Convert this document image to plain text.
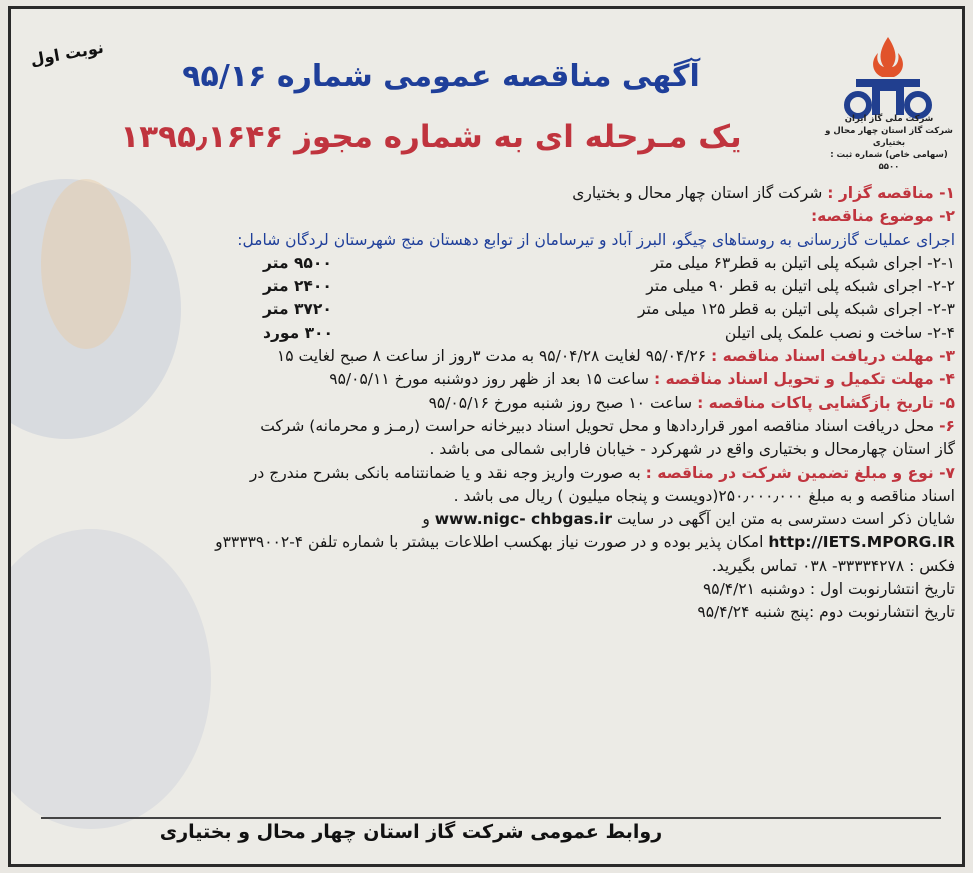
نوبت اول
شرکت ملی گاز ایران
شرکت گاز استان چهار محال و بختیاری
(سهامی خاص) شماره ثبت : ۵۵۰۰
آگهی مناقصه عمومی شماره ۹۵/۱۶
یک مـرحله ای به شماره مجوز ۱۳۹۵٫۱۶۴۶
۱- مناقصه گزار : شرکت گاز استان چهار محال و بختیاری
۲- موضوع مناقصه:
اجرای عملیات گازرسانی به روستاهای چیگو، البرز آباد و تیرسامان از توابع دهستان منج شهرستان لردگان شامل:
۲-۱- اجرای شبکه پلی اتیلن به قطر۶۳ میلی متر
۹۵۰۰ متر
۲-۲- اجرای شبکه پلی اتیلن به قطر ۹۰ میلی متر
۲۴۰۰ متر
۲-۳- اجرای شبکه پلی اتیلن به قطر ۱۲۵ میلی متر
۳۷۲۰ متر
۲-۴- ساخت و نصب علمک پلی اتیلن
۳۰۰ مورد
۳- مهلت دریافت اسناد مناقصه : ۹۵/۰۴/۲۶ لغایت ۹۵/۰۴/۲۸ به مدت ۳روز از ساعت ۸ صبح لغایت ۱۵
۴- مهلت تکمیل و تحویل اسناد مناقصه : ساعت ۱۵ بعد از ظهر روز دوشنبه مورخ ۹۵/۰۵/۱۱
۵- تاریخ بازگشایی پاکات مناقصه : ساعت ۱۰ صبح روز شنبه مورخ ۹۵/۰۵/۱۶
۶- محل دریافت اسناد مناقصه امور قراردادها و محل تحویل اسناد دبیرخانه حراست (رمـز و محرمانه) شرکت
گاز استان چهارمحال و بختیاری واقع در شهرکرد - خیابان فارابی شمالی می باشد .
۷- نوع و مبلغ تضمین شرکت در مناقصه : به صورت واریز وجه نقد و یا ضمانتنامه بانکی بشرح مندرج در
اسناد مناقصه و به مبلغ ۲۵۰٫۰۰۰٫۰۰۰(دویست و پنجاه میلیون ) ریال می باشد .
شایان ذکر است دسترسی به متن این آگهی در سایت www.nigc- chbgas.ir و
http://IETS.MPORG.IR امکان پذیر بوده و در صورت نیاز بهکسب اطلاعات بیشتر با شماره تلفن ۴-۳۳۳۳۹۰۰۲و
فکس : ۳۳۳۳۴۲۷۸- ۰۳۸ تماس بگیرید.
تاریخ انتشارنوبت اول : دوشنبه ۹۵/۴/۲۱
تاریخ انتشارنوبت دوم :پنج شنبه ۹۵/۴/۲۴
روابط عمومی شرکت گاز استان چهار محال و بختیاری
